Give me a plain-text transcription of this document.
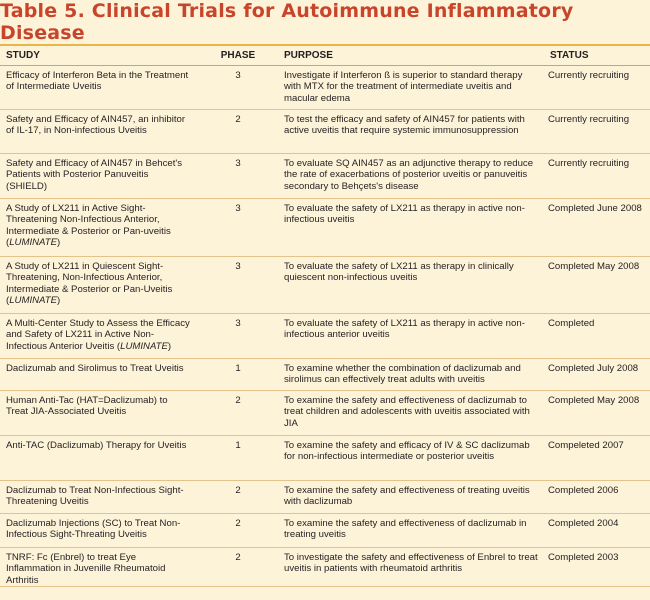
Table 5. Clinical Trials for Autoimmune Inflammatory Disease
STUDY	PHASE	PURPOSE	STATUS
Efficacy of Interferon Beta in the Treatment of Intermediate Uveitis	3	Investigate if Interferon ß is superior to standard therapy with MTX for the treatment of intermediate uveitis and macular edema	Currently recruiting
Safety and Efficacy of AIN457, an inhibitor of IL-17, in Non-infectious Uveitis	2	To test the efficacy and safety of AIN457 for patients with active uveitis that require systemic immunosuppression	Currently recruiting
Safety and Efficacy of AIN457 in Behcet's Patients with Posterior Panuveitis (SHIELD)	3	To evaluate SQ AIN457 as an adjunctive therapy to reduce the rate of exacerbations of posterior uveitis or panuveitis secondary to Behçets's disease	Currently recruiting
A Study of LX211 in Active Sight-Threatening Non-Infectious Anterior, Intermediate & Posterior or Pan-uveitis (LUMINATE)	3	To evaluate the safety of LX211 as therapy in active non-infectious uveitis	Completed June 2008
A Study of LX211 in Quiescent Sight-Threatening, Non-Infectious Anterior, Intermediate & Posterior or Pan-Uveitis (LUMINATE)	3	To evaluate the safety of LX211 as therapy in clinically quiescent non-infectious uveitis	Completed May 2008
A Multi-Center Study to Assess the Efficacy and Safety of LX211 in Active Non-Infectious Anterior Uveitis (LUMINATE)	3	To evaluate the safety of LX211 as therapy in active non-infectious anterior uveitis	Completed
Daclizumab and Sirolimus to Treat Uveitis	1	To examine whether the combination of daclizumab and sirolimus can effectively treat adults with uveitis	Completed July 2008
Human Anti-Tac (HAT=Daclizumab) to Treat JIA-Associated Uveitis	2	To examine the safety and effectiveness of daclizumab to treat children and adolescents with uveitis associated with JIA	Completed May 2008
Anti-TAC (Daclizumab) Therapy for Uveitis	1	To examine the safety and efficacy of IV & SC daclizumab for non-infectious intermediate or posterior uveitis	Compeleted 2007
Daclizumab to Treat Non-Infectious Sight-Threatening Uveitis	2	To examine the safety and effectiveness of treating uveitis with daclizumab	Completed 2006
Daclizumab Injections (SC) to Treat Non-Infectious Sight-Threating Uveitis	2	To examine the safety and effectiveness of daclizumab in treating uveitis	Completed 2004
TNRF: Fc (Enbrel) to treat Eye Inflammation in Juvenille Rheumatoid Arthritis	2	To investigate the safety and effectiveness of Enbrel to treat uveitis in patients with rheumatoid arthritis	Completed 2003
